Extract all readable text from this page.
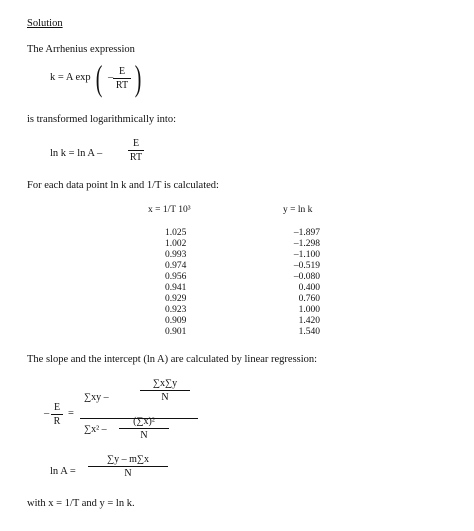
Solution
The Arrhenius expression
k = A exp ( –
E
RT )
is transformed logarithmically into:
ln k = ln A –
E
RT
For each data point ln k and 1/T is calculated:
x = 1/T 10³	y = ln k
1.025
1.002
0.993
0.974
0.956
0.941
0.929
0.923
0.909
0.901
–1.897
–1.298
–1.100
–0.519
–0.080
0.400
0.760
1.000
1.420
1.540
The slope and the intercept (ln A) are calculated by linear regression:
–
E
R
=
∑xy –
∑x∑y
N
∑x² –
(∑x)²
N
ln A =
∑y – m∑x
N
with x = 1/T and y = ln k.
